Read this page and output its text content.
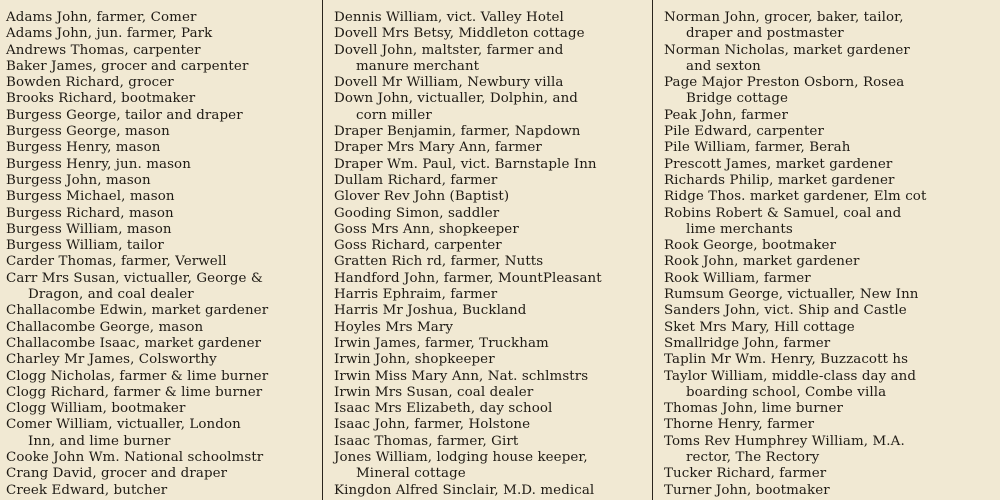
Adams John, farmer, Comer
Adams John, jun. farmer, Park
Andrews Thomas, carpenter
Baker James, grocer and carpenter
Bowden Richard, grocer
Brooks Richard, bootmaker
Burgess George, tailor and draper
Burgess George, mason
Burgess Henry, mason
Burgess Henry, jun. mason
Burgess John, mason
Burgess Michael, mason
Burgess Richard, mason
Burgess William, mason
Burgess William, tailor
Carder Thomas, farmer, Verwell
Carr Mrs Susan, victualler, George &
Dragon, and coal dealer
Challacombe Edwin, market gardener
Challacombe George, mason
Challacombe Isaac, market gardener
Charley Mr James, Colsworthy
Clogg Nicholas, farmer & lime burner
Clogg Richard, farmer & lime burner
Clogg William, bootmaker
Comer William, victualler, London
Inn, and lime burner
Cooke John Wm. National schoolmstr
Crang David, grocer and draper
Creek Edward, butcher
Dennis William, vict. Valley Hotel
Dovell Mrs Betsy, Middleton cottage
Dovell John, maltster, farmer and
manure merchant
Dovell Mr William, Newbury villa
Down John, victualler, Dolphin, and
corn miller
Draper Benjamin, farmer, Napdown
Draper Mrs Mary Ann, farmer
Draper Wm. Paul, vict. Barnstaple Inn
Dullam Richard, farmer
Glover Rev John (Baptist)
Gooding Simon, saddler
Goss Mrs Ann, shopkeeper
Goss Richard, carpenter
Gratten Rich rd, farmer, Nutts
Handford John, farmer, MountPleasant
Harris Ephraim, farmer
Harris Mr Joshua, Buckland
Hoyles Mrs Mary
Irwin James, farmer, Truckham
Irwin John, shopkeeper
Irwin Miss Mary Ann, Nat. schlmstrs
Irwin Mrs Susan, coal dealer
Isaac Mrs Elizabeth, day school
Isaac John, farmer, Holstone
Isaac Thomas, farmer, Girt
Jones William, lodging house keeper,
Mineral cottage
Kingdon Alfred Sinclair, M.D. medical
Norman John, grocer, baker, tailor,
draper and postmaster
Norman Nicholas, market gardener
and sexton
Page Major Preston Osborn, Rosea
Bridge cottage
Peak John, farmer
Pile Edward, carpenter
Pile William, farmer, Berah
Prescott James, market gardener
Richards Philip, market gardener
Ridge Thos. market gardener, Elm cot
Robins Robert & Samuel, coal and
lime merchants
Rook George, bootmaker
Rook John, market gardener
Rook William, farmer
Rumsum George, victualler, New Inn
Sanders John, vict. Ship and Castle
Sket Mrs Mary, Hill cottage
Smallridge John, farmer
Taplin Mr Wm. Henry, Buzzacott hs
Taylor William, middle-class day and
boarding school, Combe villa
Thomas John, lime burner
Thorne Henry, farmer
Toms Rev Humphrey William, M.A.
rector, The Rectory
Tucker Richard, farmer
Turner John, bootmaker
